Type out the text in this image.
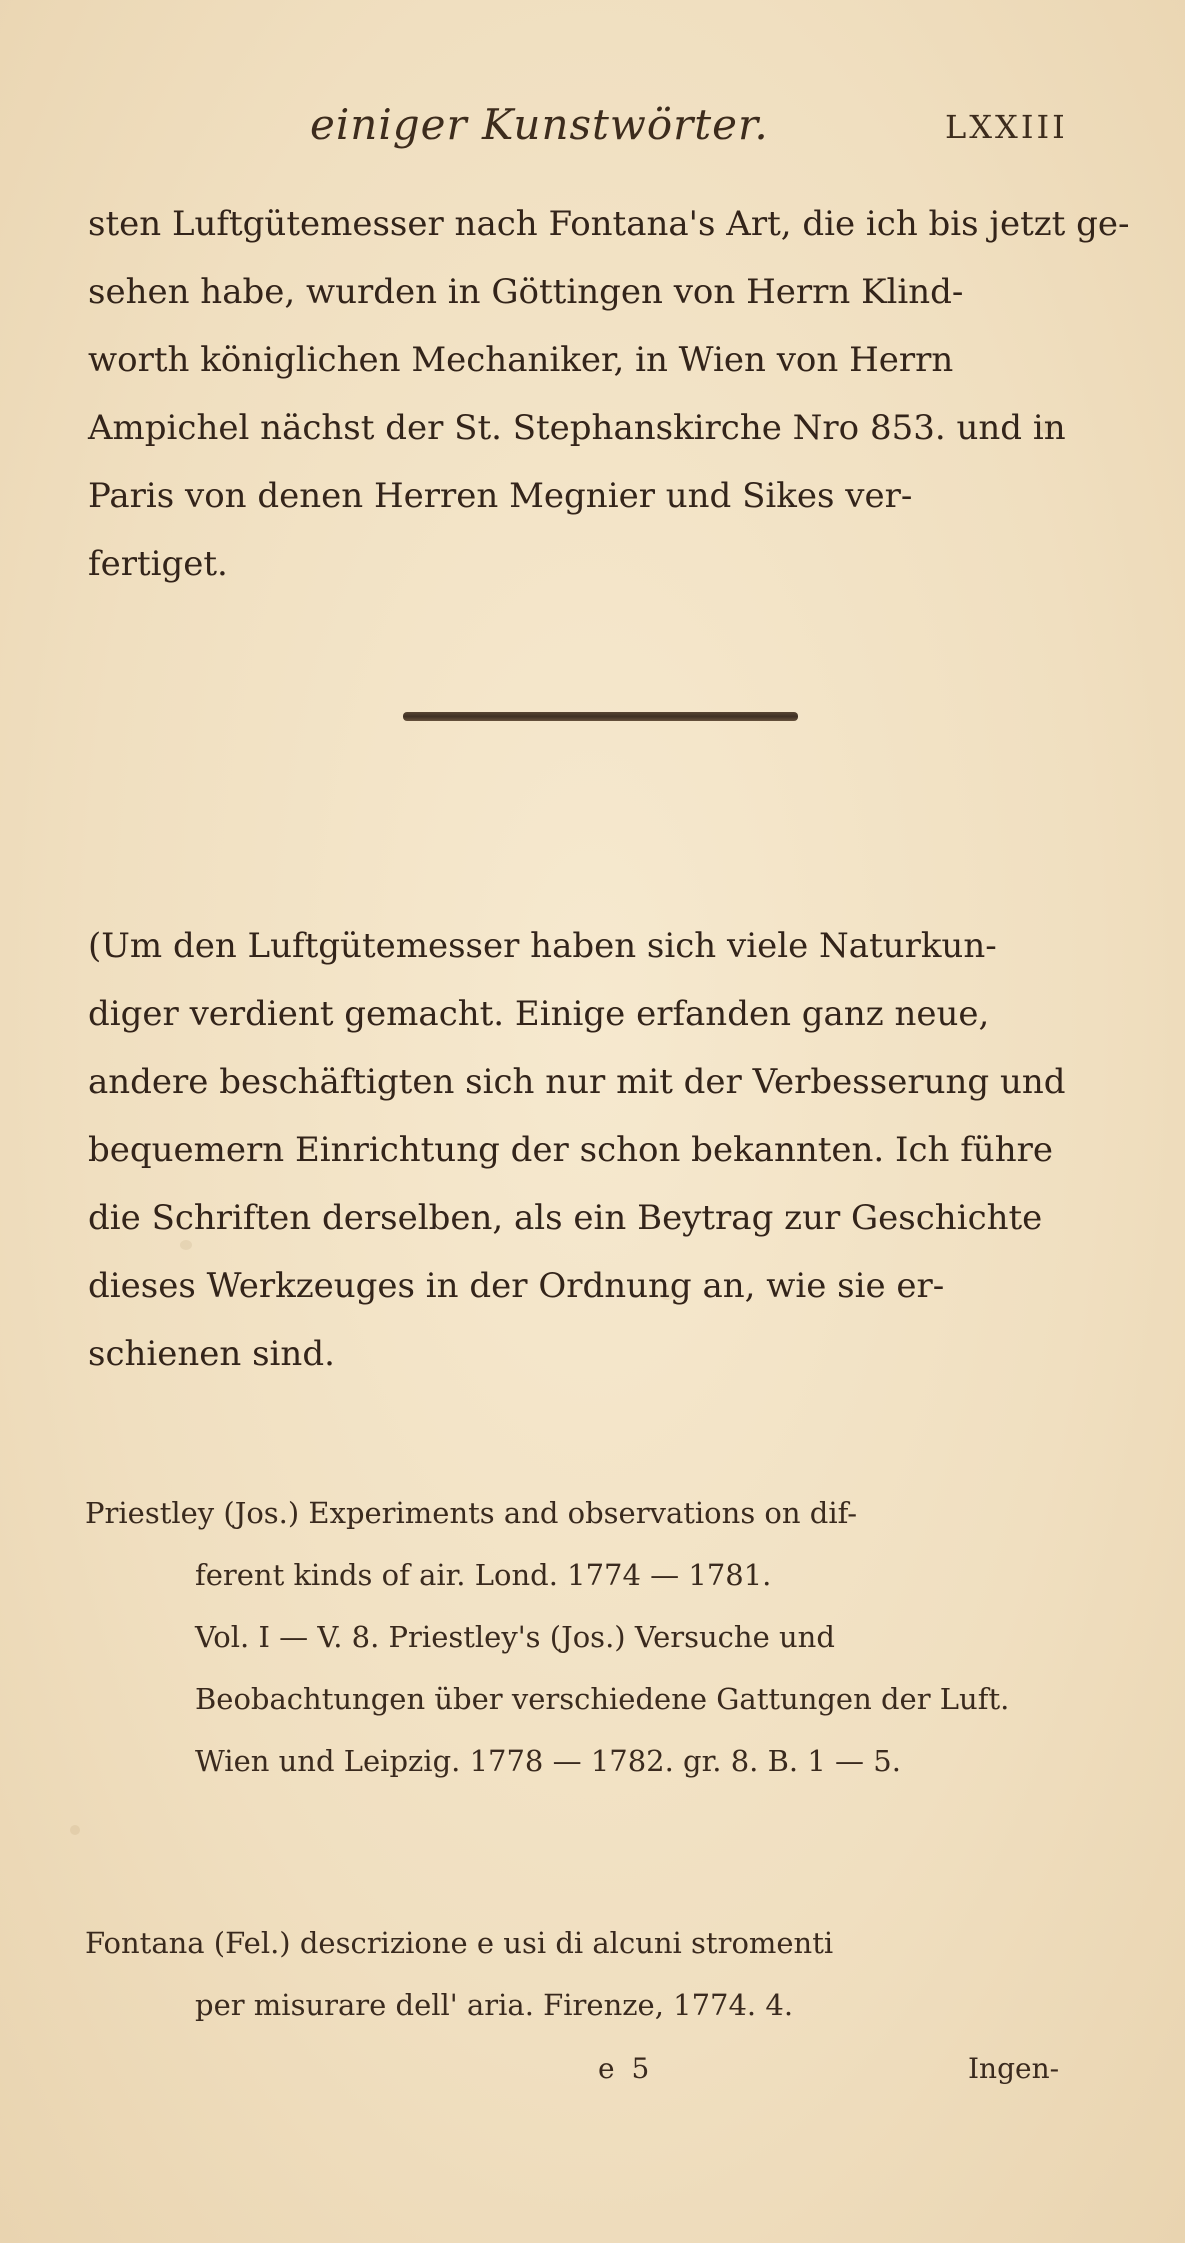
einiger Kunstwörter.	LXXIII

sten Luftgütemesser nach Fontana's Art, die ich bis jetzt ge-
sehen habe, wurden in Göttingen von Herrn Klind-
worth königlichen Mechaniker, in Wien von Herrn
Ampichel nächst der St. Stephanskirche Nro 853. und in
Paris von denen Herren Megnier und Sikes ver-
fertiget.

(Um den Luftgütemesser haben sich viele Naturkun-
diger verdient gemacht. Einige erfanden ganz neue,
andere beschäftigten sich nur mit der Verbesserung und
bequemern Einrichtung der schon bekannten. Ich führe
die Schriften derselben, als ein Beytrag zur Geschichte
dieses Werkzeuges in der Ordnung an, wie sie er-
schienen sind.

Priestley (Jos.) Experiments and observations on dif-
ferent kinds of air. Lond. 1774 — 1781.
Vol. I — V. 8. Priestley's (Jos.) Versuche und
Beobachtungen über verschiedene Gattungen der Luft.
Wien und Leipzig. 1778 — 1782. gr. 8. B. 1 — 5.

Fontana (Fel.) descrizione e usi di alcuni stromenti
per misurare dell' aria. Firenze, 1774. 4.

e 5	Ingen-
